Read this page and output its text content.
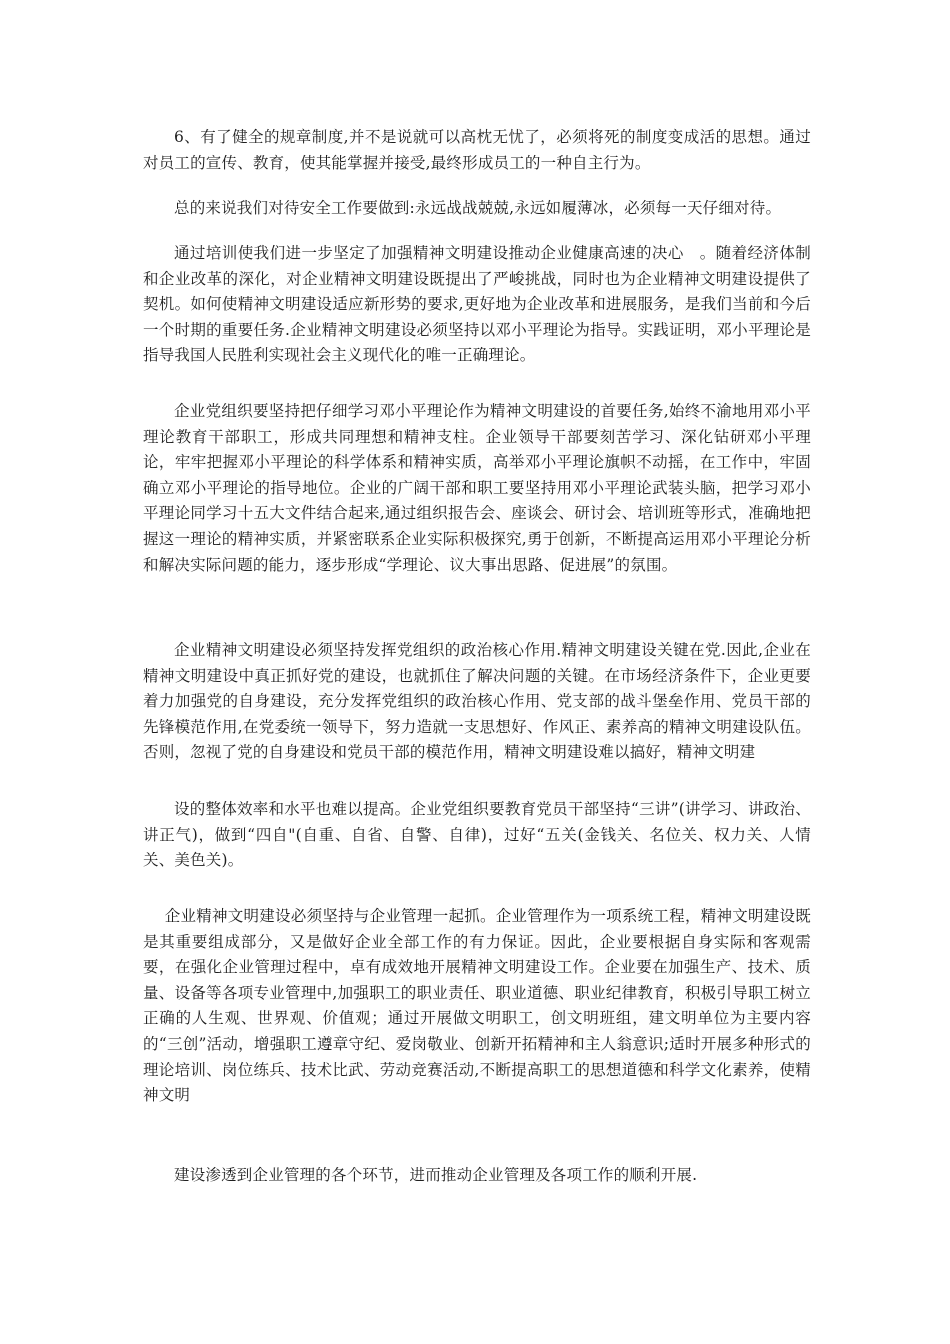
6、有了健全的规章制度,并不是说就可以高枕无忧了，必须将死的制度变成活的思想。通过对员工的宣传、教育，使其能掌握并接受,最终形成员工的一种自主行为。

总的来说我们对待安全工作要做到:永远战战兢兢,永远如履薄冰，必须每一天仔细对待。

通过培训使我们进一步坚定了加强精神文明建设推动企业健康高速的决心　。随着经济体制和企业改革的深化，对企业精神文明建设既提出了严峻挑战，同时也为企业精神文明建设提供了契机。如何使精神文明建设适应新形势的要求,更好地为企业改革和进展服务，是我们当前和今后一个时期的重要任务.企业精神文明建设必须坚持以邓小平理论为指导。实践证明，邓小平理论是指导我国人民胜利实现社会主义现代化的唯一正确理论。

企业党组织要坚持把仔细学习邓小平理论作为精神文明建设的首要任务,始终不渝地用邓小平理论教育干部职工，形成共同理想和精神支柱。企业领导干部要刻苦学习、深化钻研邓小平理论，牢牢把握邓小平理论的科学体系和精神实质，高举邓小平理论旗帜不动摇，在工作中，牢固确立邓小平理论的指导地位。企业的广阔干部和职工要坚持用邓小平理论武装头脑，把学习邓小平理论同学习十五大文件结合起来,通过组织报告会、座谈会、研讨会、培训班等形式，准确地把握这一理论的精神实质，并紧密联系企业实际积极探究,勇于创新，不断提高运用邓小平理论分析和解决实际问题的能力，逐步形成“学理论、议大事出思路、促进展”的氛围。

企业精神文明建设必须坚持发挥党组织的政治核心作用.精神文明建设关键在党.因此,企业在精神文明建设中真正抓好党的建设，也就抓住了解决问题的关键。在市场经济条件下，企业更要着力加强党的自身建设，充分发挥党组织的政治核心作用、党支部的战斗堡垒作用、党员干部的先锋模范作用,在党委统一领导下，努力造就一支思想好、作风正、素养高的精神文明建设队伍。否则，忽视了党的自身建设和党员干部的模范作用，精神文明建设难以搞好，精神文明建

设的整体效率和水平也难以提高。企业党组织要教育党员干部坚持“三讲”(讲学习、讲政治、讲正气)，做到“四自"(自重、自省、自警、自律)，过好“五关(金钱关、名位关、权力关、人情关、美色关)。

企业精神文明建设必须坚持与企业管理一起抓。企业管理作为一项系统工程，精神文明建设既是其重要组成部分，又是做好企业全部工作的有力保证。因此，企业要根据自身实际和客观需要，在强化企业管理过程中，卓有成效地开展精神文明建设工作。企业要在加强生产、技术、质量、设备等各项专业管理中,加强职工的职业责任、职业道德、职业纪律教育，积极引导职工树立正确的人生观、世界观、价值观；通过开展做文明职工，创文明班组，建文明单位为主要内容的“三创”活动，增强职工遵章守纪、爱岗敬业、创新开拓精神和主人翁意识;适时开展多种形式的理论培训、岗位练兵、技术比武、劳动竞赛活动,不断提高职工的思想道德和科学文化素养，使精神文明

建设渗透到企业管理的各个环节，进而推动企业管理及各项工作的顺利开展.
